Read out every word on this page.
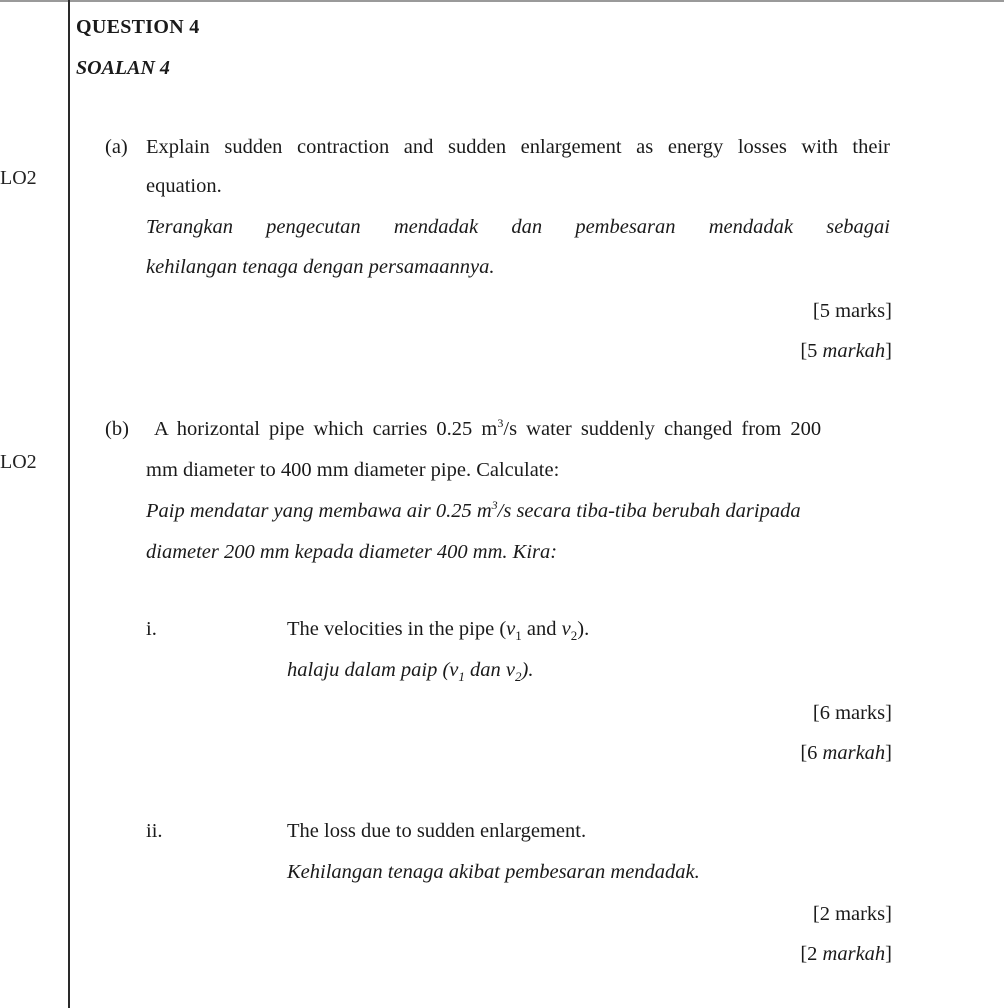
QUESTION 4
SOALAN 4
LO2
(a) Explain sudden contraction and sudden enlargement as energy losses with their
equation.
Terangkan pengecutan mendadak dan pembesaran mendadak sebagai
kehilangan tenaga dengan persamaannya.
[5 marks]
[5 markah]
LO2
(b) A horizontal pipe which carries 0.25 $m^3/s$ water suddenly changed from 200
mm diameter to 400 mm diameter pipe. Calculate:
Paip mendatar yang membawa air 0.25 $m^3/s$ secara tiba-tiba berubah daripada
diameter 200 mm kepada diameter 400 mm. Kira:
i.	The velocities in the pipe ($v_1$ and $v_2$).
halaju dalam paip ($v_1$ dan $v_2$).
[6 marks]
[6 markah]
ii.	The loss due to sudden enlargement.
Kehilangan tenaga akibat pembesaran mendadak.
[2 marks]
[2 markah]
